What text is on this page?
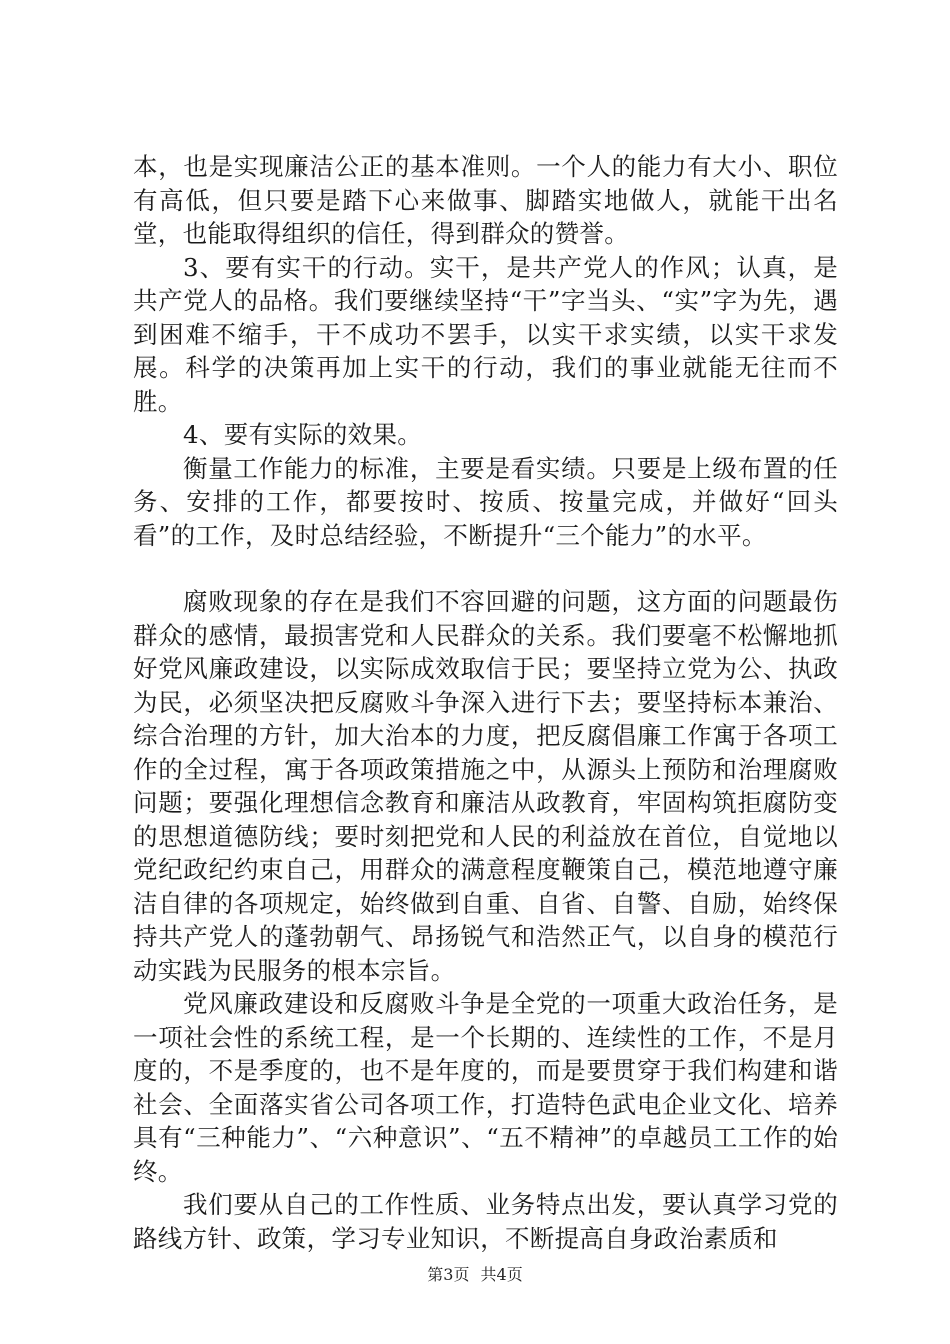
本，也是实现廉洁公正的基本准则。一个人的能力有大小、职位有高低，但只要是踏下心来做事、脚踏实地做人，就能干出名堂，也能取得组织的信任，得到群众的赞誉。

3、要有实干的行动。实干，是共产党人的作风；认真，是共产党人的品格。我们要继续坚持“干”字当头、“实”字为先，遇到困难不缩手，干不成功不罢手，以实干求实绩，以实干求发展。科学的决策再加上实干的行动，我们的事业就能无往而不胜。

4、要有实际的效果。

衡量工作能力的标准，主要是看实绩。只要是上级布置的任务、安排的工作，都要按时、按质、按量完成，并做好“回头看”的工作，及时总结经验，不断提升“三个能力”的水平。

腐败现象的存在是我们不容回避的问题，这方面的问题最伤群众的感情，最损害党和人民群众的关系。我们要毫不松懈地抓好党风廉政建设，以实际成效取信于民；要坚持立党为公、执政为民，必须坚决把反腐败斗争深入进行下去；要坚持标本兼治、综合治理的方针，加大治本的力度，把反腐倡廉工作寓于各项工作的全过程，寓于各项政策措施之中，从源头上预防和治理腐败问题；要强化理想信念教育和廉洁从政教育，牢固构筑拒腐防变的思想道德防线；要时刻把党和人民的利益放在首位，自觉地以党纪政纪约束自己，用群众的满意程度鞭策自己，模范地遵守廉洁自律的各项规定，始终做到自重、自省、自警、自励，始终保持共产党人的蓬勃朝气、昂扬锐气和浩然正气，以自身的模范行动实践为民服务的根本宗旨。

党风廉政建设和反腐败斗争是全党的一项重大政治任务，是一项社会性的系统工程，是一个长期的、连续性的工作，不是月度的，不是季度的，也不是年度的，而是要贯穿于我们构建和谐社会、全面落实省公司各项工作，打造特色武电企业文化、培养具有“三种能力”、“六种意识”、“五不精神”的卓越员工工作的始终。

我们要从自己的工作性质、业务特点出发，要认真学习党的路线方针、政策，学习专业知识，不断提高自身政治素质和

第3页 共4页
